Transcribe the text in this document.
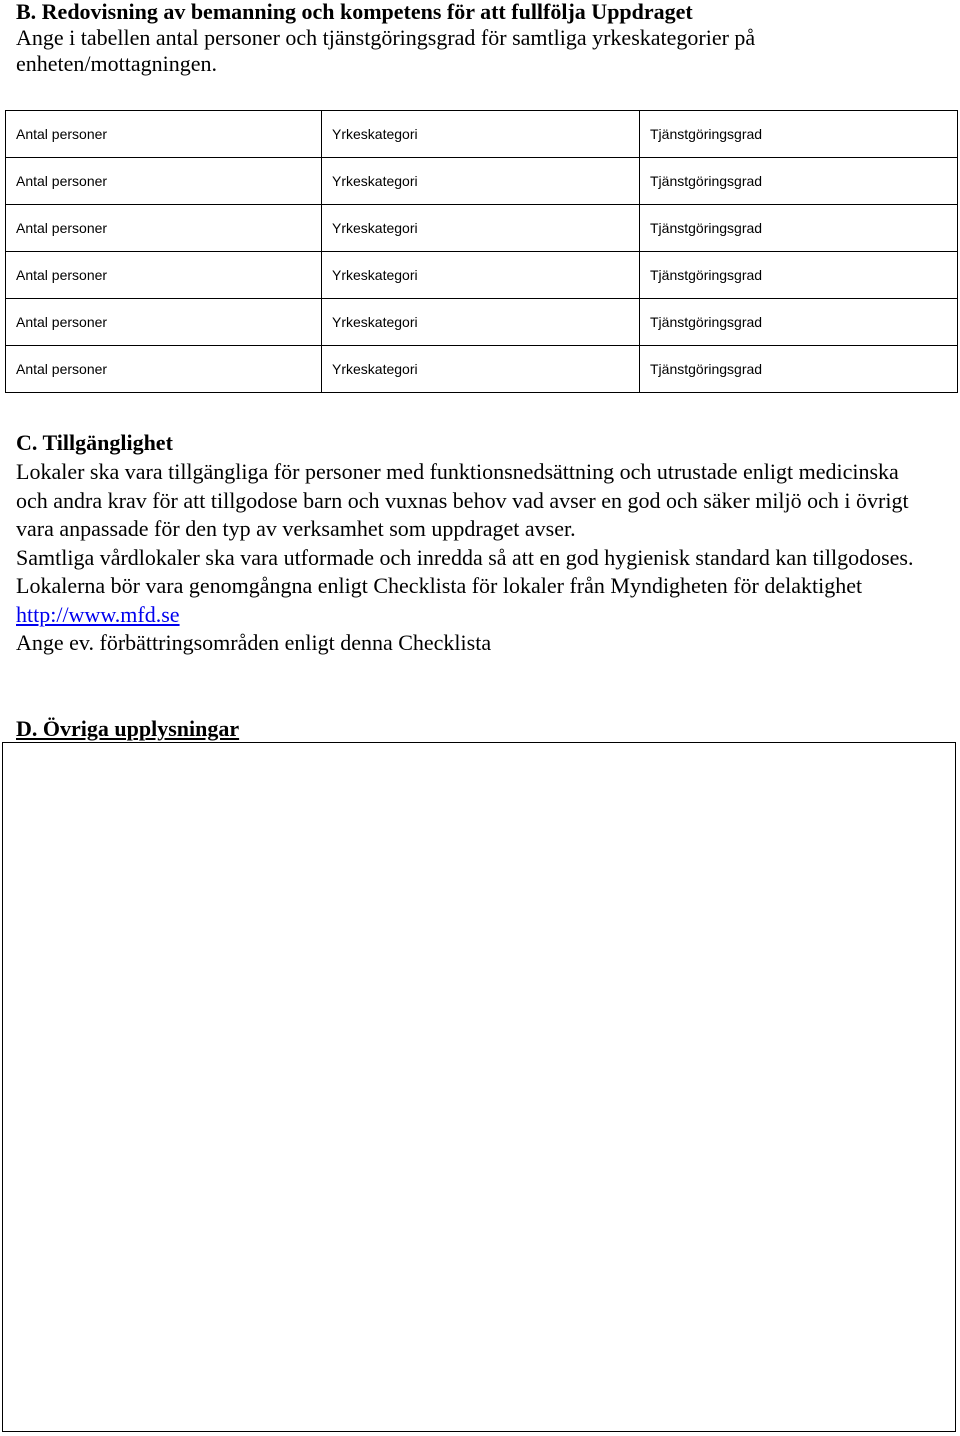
B. Redovisning av bemanning och kompetens för att fullfölja Uppdraget

Ange i tabellen antal personer och tjänstgöringsgrad för samtliga yrkeskategorier på enheten/mottagningen.

Antal personer	Yrkeskategori	Tjänstgöringsgrad
Antal personer	Yrkeskategori	Tjänstgöringsgrad
Antal personer	Yrkeskategori	Tjänstgöringsgrad
Antal personer	Yrkeskategori	Tjänstgöringsgrad
Antal personer	Yrkeskategori	Tjänstgöringsgrad
Antal personer	Yrkeskategori	Tjänstgöringsgrad
C. Tillgänglighet

Lokaler ska vara tillgängliga för personer med funktionsnedsättning och utrustade enligt medicinska och andra krav för att tillgodose barn och vuxnas behov vad avser en god och säker miljö och i övrigt vara anpassade för den typ av verksamhet som uppdraget avser.

Samtliga vårdlokaler ska vara utformade och inredda så att en god hygienisk standard kan tillgodoses.

Lokalerna bör vara genomgångna enligt Checklista för lokaler från Myndigheten för delaktighet http://www.mfd.se

Ange ev. förbättringsområden enligt denna Checklista

D. Övriga upplysningar
